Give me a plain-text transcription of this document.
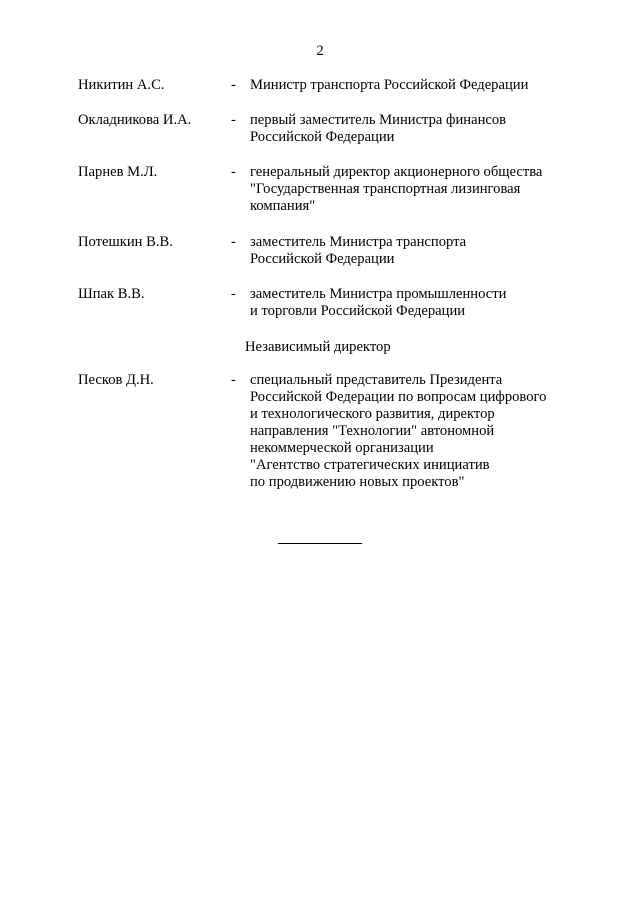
2
Никитин А.С.	- Министр транспорта Российской Федерации
Окладникова И.А.	- первый заместитель Министра финансов
Российской Федерации
Парнев М.Л.	- генеральный директор акционерного общества
"Государственная транспортная лизинговая
компания"
Потешкин В.В.	- заместитель Министра транспорта
Российской Федерации
Шпак В.В.	- заместитель Министра промышленности
и торговли Российской Федерации
Независимый директор
Песков Д.Н.	- специальный представитель Президента
Российской Федерации по вопросам цифрового
и технологического развития, директор
направления "Технологии" автономной
некоммерческой организации
"Агентство стратегических инициатив
по продвижению новых проектов"
